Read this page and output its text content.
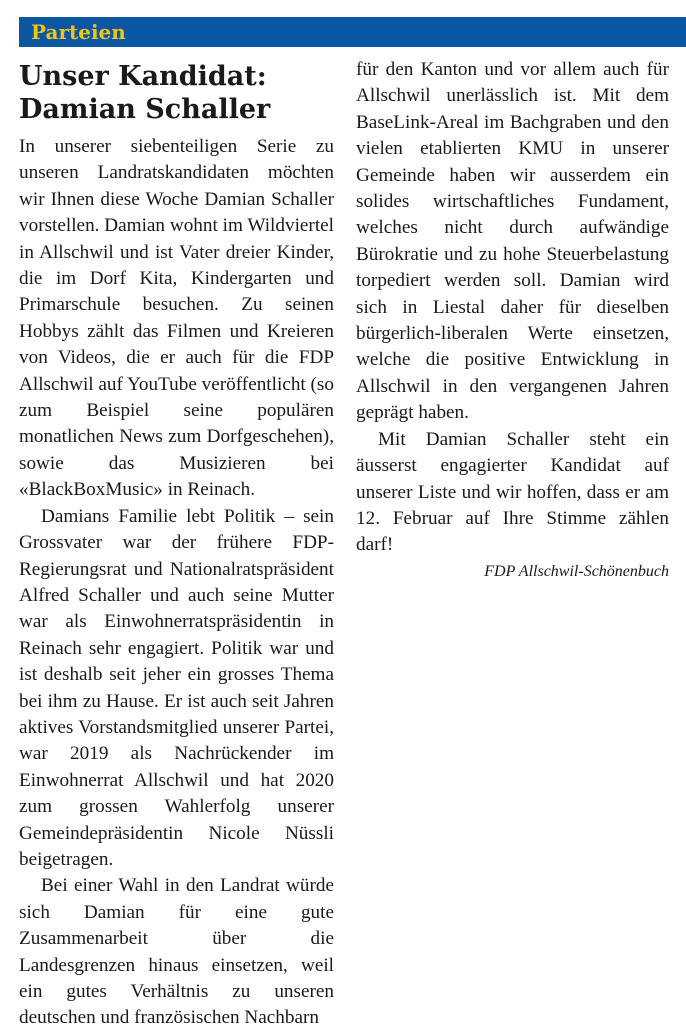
Parteien
Unser Kandidat:
Damian Schaller

In unserer siebenteiligen Serie zu unseren Landratskandidaten möchten wir Ihnen diese Woche Damian Schaller vorstellen. Damian wohnt im Wildviertel in Allschwil und ist Vater dreier Kinder, die im Dorf Kita, Kindergarten und Primarschule besuchen. Zu seinen Hobbys zählt das Filmen und Kreieren von Videos, die er auch für die FDP Allschwil auf YouTube veröffentlicht (so zum Beispiel seine populären monatlichen News zum Dorfgeschehen), sowie das Musizieren bei «BlackBoxMusic» in Reinach.

Damians Familie lebt Politik – sein Grossvater war der frühere FDP-Regierungsrat und Nationalratspräsident Alfred Schaller und auch seine Mutter war als Einwohnerratspräsidentin in Reinach sehr engagiert. Politik war und ist deshalb seit jeher ein grosses Thema bei ihm zu Hause. Er ist auch seit Jahren aktives Vorstandsmitglied unserer Partei, war 2019 als Nachrückender im Einwohnerrat Allschwil und hat 2020 zum grossen Wahlerfolg unserer Gemeindepräsidentin Nicole Nüssli beigetragen.

Bei einer Wahl in den Landrat würde sich Damian für eine gute Zusammenarbeit über die Landesgrenzen hinaus einsetzen, weil ein gutes Verhältnis zu unseren deutschen und französischen Nachbarn

für den Kanton und vor allem auch für Allschwil unerlässlich ist. Mit dem BaseLink-Areal im Bachgraben und den vielen etablierten KMU in unserer Gemeinde haben wir ausserdem ein solides wirtschaftliches Fundament, welches nicht durch aufwändige Bürokratie und zu hohe Steuerbelastung torpediert werden soll. Damian wird sich in Liestal daher für dieselben bürgerlich-liberalen Werte einsetzen, welche die positive Entwicklung in Allschwil in den vergangenen Jahren geprägt haben.

Mit Damian Schaller steht ein äusserst engagierter Kandidat auf unserer Liste und wir hoffen, dass er am 12. Februar auf Ihre Stimme zählen darf!

FDP Allschwil-Schönenbuch
